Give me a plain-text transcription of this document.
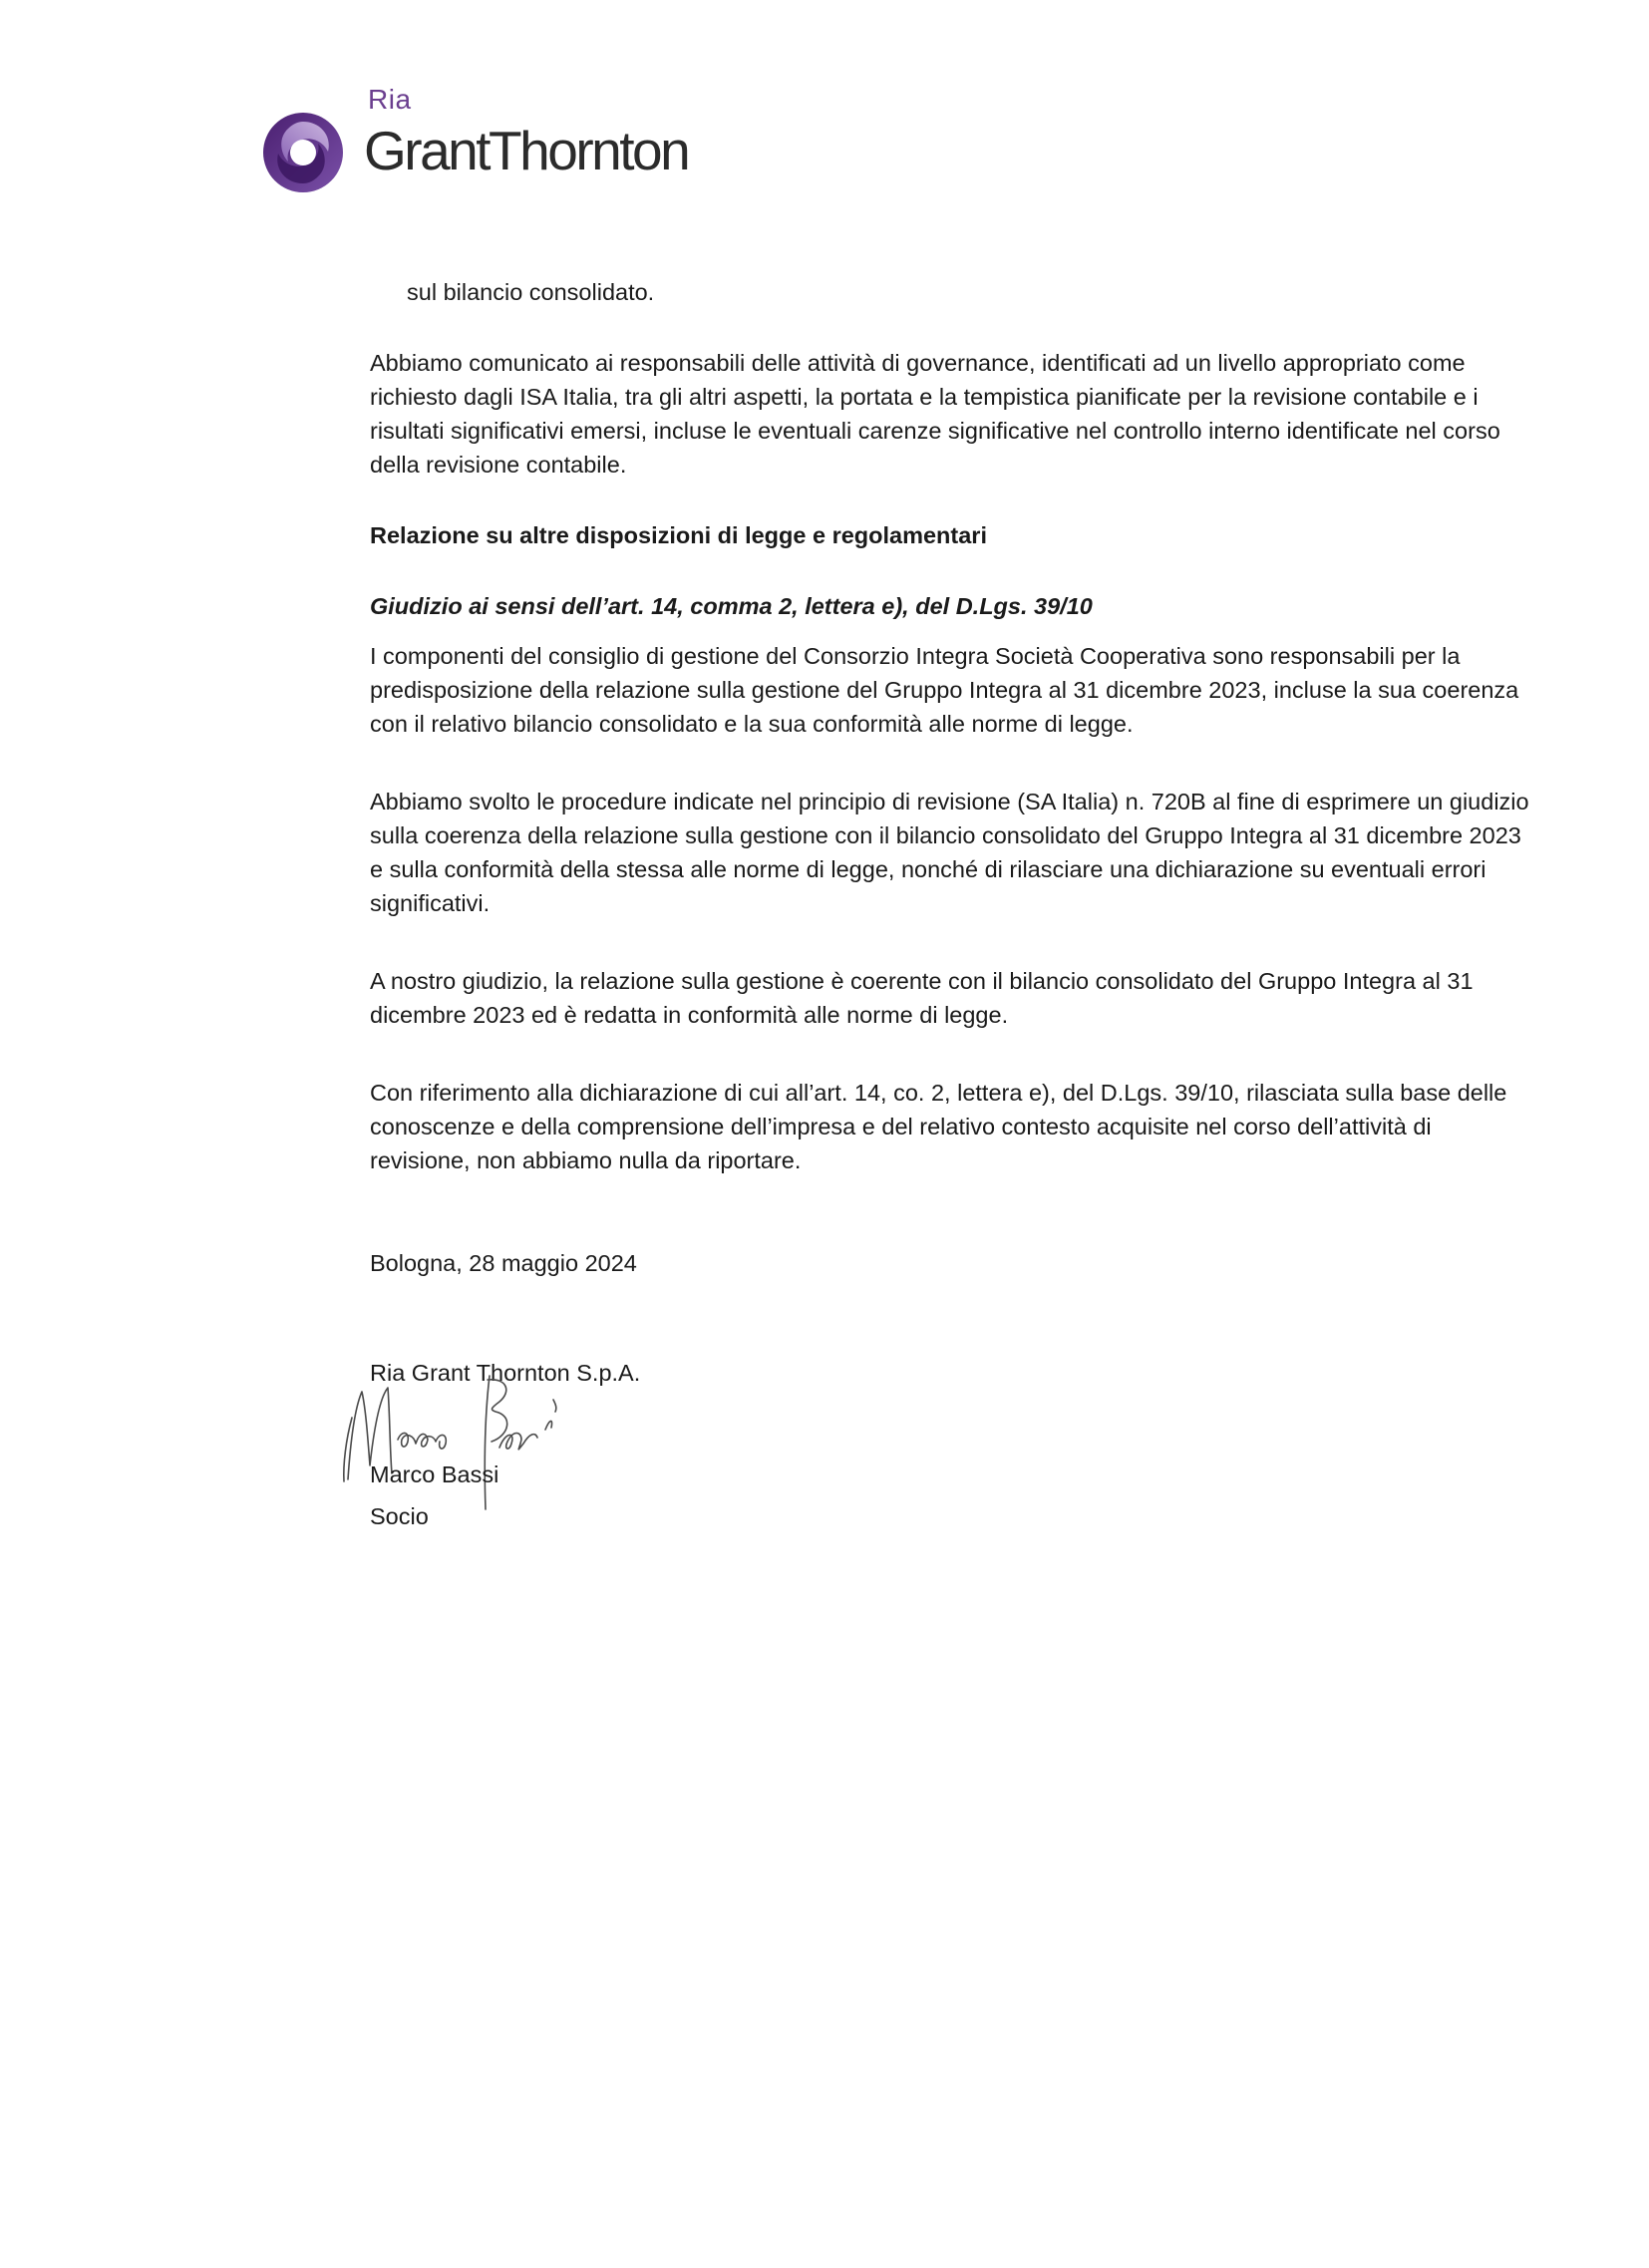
Ria
GrantThornton

sul bilancio consolidato.

Abbiamo comunicato ai responsabili delle attività di governance, identificati ad un livello appropriato come richiesto dagli ISA Italia, tra gli altri aspetti, la portata e la tempistica pianificate per la revisione contabile e i risultati significativi emersi, incluse le eventuali carenze significative nel controllo interno identificate nel corso della revisione contabile.

Relazione su altre disposizioni di legge e regolamentari

Giudizio ai sensi dell’art. 14, comma 2, lettera e), del D.Lgs. 39/10

I componenti del consiglio di gestione del Consorzio Integra Società Cooperativa sono responsabili per la predisposizione della relazione sulla gestione del Gruppo Integra al 31 dicembre 2023, incluse la sua coerenza con il relativo bilancio consolidato e la sua conformità alle norme di legge.

Abbiamo svolto le procedure indicate nel principio di revisione (SA Italia) n. 720B al fine di esprimere un giudizio sulla coerenza della relazione sulla gestione con il bilancio consolidato del Gruppo Integra al 31 dicembre 2023 e sulla conformità della stessa alle norme di legge, nonché di rilasciare una dichiarazione su eventuali errori significativi.

A nostro giudizio, la relazione sulla gestione è coerente con il bilancio consolidato del Gruppo Integra al 31 dicembre 2023 ed è redatta in conformità alle norme di legge.

Con riferimento alla dichiarazione di cui all’art. 14, co. 2, lettera e), del D.Lgs. 39/10, rilasciata sulla base delle conoscenze e della comprensione dell’impresa e del relativo contesto acquisite nel corso dell’attività di revisione, non abbiamo nulla da riportare.

Bologna, 28 maggio 2024

Ria Grant Thornton S.p.A.

Marco Bassi

Socio
